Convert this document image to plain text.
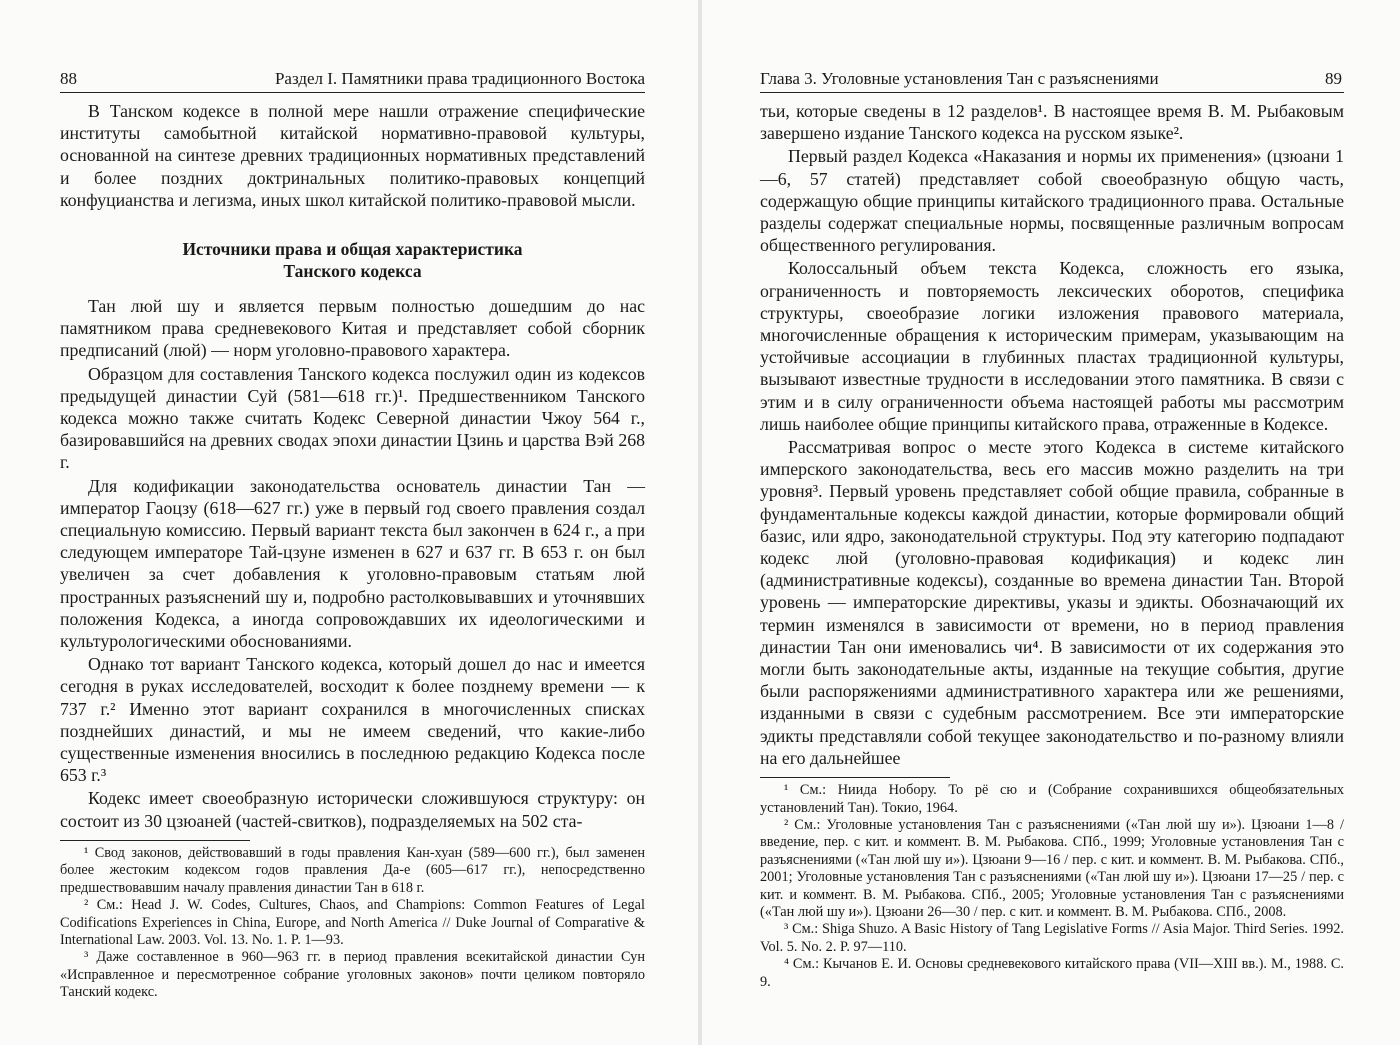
88	Раздел I. Памятники права традиционного Востока

В Танском кодексе в полной мере нашли отражение специфические институты самобытной китайской нормативно-правовой культуры, основанной на синтезе древних традиционных нормативных представлений и более поздних доктринальных политико-правовых концепций конфуцианства и легизма, иных школ китайской политико-правовой мысли.

Источники права и общая характеристика
Танского кодекса

Тан люй шу и является первым полностью дошедшим до нас памятником права средневекового Китая и представляет собой сборник предписаний (люй) — норм уголовно-правового характера.

Образцом для составления Танского кодекса послужил один из кодексов предыдущей династии Суй (581—618 гг.)¹. Предшественником Танского кодекса можно также считать Кодекс Северной династии Чжоу 564 г., базировавшийся на древних сводах эпохи династии Цзинь и царства Вэй 268 г.

Для кодификации законодательства основатель династии Тан — император Гаоцзу (618—627 гг.) уже в первый год своего правления создал специальную комиссию. Первый вариант текста был закончен в 624 г., а при следующем императоре Тай-цзуне изменен в 627 и 637 гг. В 653 г. он был увеличен за счет добавления к уголовно-правовым статьям люй пространных разъяснений шу и, подробно растолковывавших и уточнявших положения Кодекса, а иногда сопровождавших их идеологическими и культурологическими обоснованиями.

Однако тот вариант Танского кодекса, который дошел до нас и имеется сегодня в руках исследователей, восходит к более позднему времени — к 737 г.² Именно этот вариант сохранился в многочисленных списках позднейших династий, и мы не имеем сведений, что какие-либо существенные изменения вносились в последнюю редакцию Кодекса после 653 г.³

Кодекс имеет своеобразную исторически сложившуюся структуру: он состоит из 30 цзюаней (частей-свитков), подразделяемых на 502 ста-

¹ Свод законов, действовавший в годы правления Кан-хуан (589—600 гг.), был заменен более жестоким кодексом годов правления Да-е (605—617 гг.), непосредственно предшествовавшим началу правления династии Тан в 618 г.

² См.: Head J. W. Codes, Cultures, Chaos, and Champions: Common Features of Legal Codifications Experiences in China, Europe, and North America // Duke Journal of Comparative & International Law. 2003. Vol. 13. No. 1. P. 1—93.

³ Даже составленное в 960—963 гг. в период правления всекитайской династии Сун «Исправленное и пересмотренное собрание уголовных законов» почти целиком повторяло Танский кодекс.

Глава 3. Уголовные установления Тан с разъяснениями	89

тьи, которые сведены в 12 разделов¹. В настоящее время В. М. Рыбаковым завершено издание Танского кодекса на русском языке².

Первый раздел Кодекса «Наказания и нормы их применения» (цзюани 1—6, 57 статей) представляет собой своеобразную общую часть, содержащую общие принципы китайского традиционного права. Остальные разделы содержат специальные нормы, посвященные различным вопросам общественного регулирования.

Колоссальный объем текста Кодекса, сложность его языка, ограниченность и повторяемость лексических оборотов, специфика структуры, своеобразие логики изложения правового материала, многочисленные обращения к историческим примерам, указывающим на устойчивые ассоциации в глубинных пластах традиционной культуры, вызывают известные трудности в исследовании этого памятника. В связи с этим и в силу ограниченности объема настоящей работы мы рассмотрим лишь наиболее общие принципы китайского права, отраженные в Кодексе.

Рассматривая вопрос о месте этого Кодекса в системе китайского имперского законодательства, весь его массив можно разделить на три уровня³. Первый уровень представляет собой общие правила, собранные в фундаментальные кодексы каждой династии, которые формировали общий базис, или ядро, законодательной структуры. Под эту категорию подпадают кодекс люй (уголовно-правовая кодификация) и кодекс лин (административные кодексы), созданные во времена династии Тан. Второй уровень — императорские директивы, указы и эдикты. Обозначающий их термин изменялся в зависимости от времени, но в период правления династии Тан они именовались чи⁴. В зависимости от их содержания это могли быть законодательные акты, изданные на текущие события, другие были распоряжениями административного характера или же решениями, изданными в связи с судебным рассмотрением. Все эти императорские эдикты представляли собой текущее законодательство и по-разному влияли на его дальнейшее

¹ См.: Ниида Нобору. То рё сю и (Собрание сохранившихся общеобязательных установлений Тан). Токио, 1964.

² См.: Уголовные установления Тан с разъяснениями («Тан люй шу и»). Цзюани 1—8 / введение, пер. с кит. и коммент. В. М. Рыбакова. СПб., 1999; Уголовные установления Тан с разъяснениями («Тан люй шу и»). Цзюани 9—16 / пер. с кит. и коммент. В. М. Рыбакова. СПб., 2001; Уголовные установления Тан с разъяснениями («Тан люй шу и»). Цзюани 17—25 / пер. с кит. и коммент. В. М. Рыбакова. СПб., 2005; Уголовные установления Тан с разъяснениями («Тан люй шу и»). Цзюани 26—30 / пер. с кит. и коммент. В. М. Рыбакова. СПб., 2008.

³ См.: Shiga Shuzo. A Basic History of Tang Legislative Forms // Asia Major. Third Series. 1992. Vol. 5. No. 2. P. 97—110.

⁴ См.: Кычанов Е. И. Основы средневекового китайского права (VII—XIII вв.). М., 1988. С. 9.
